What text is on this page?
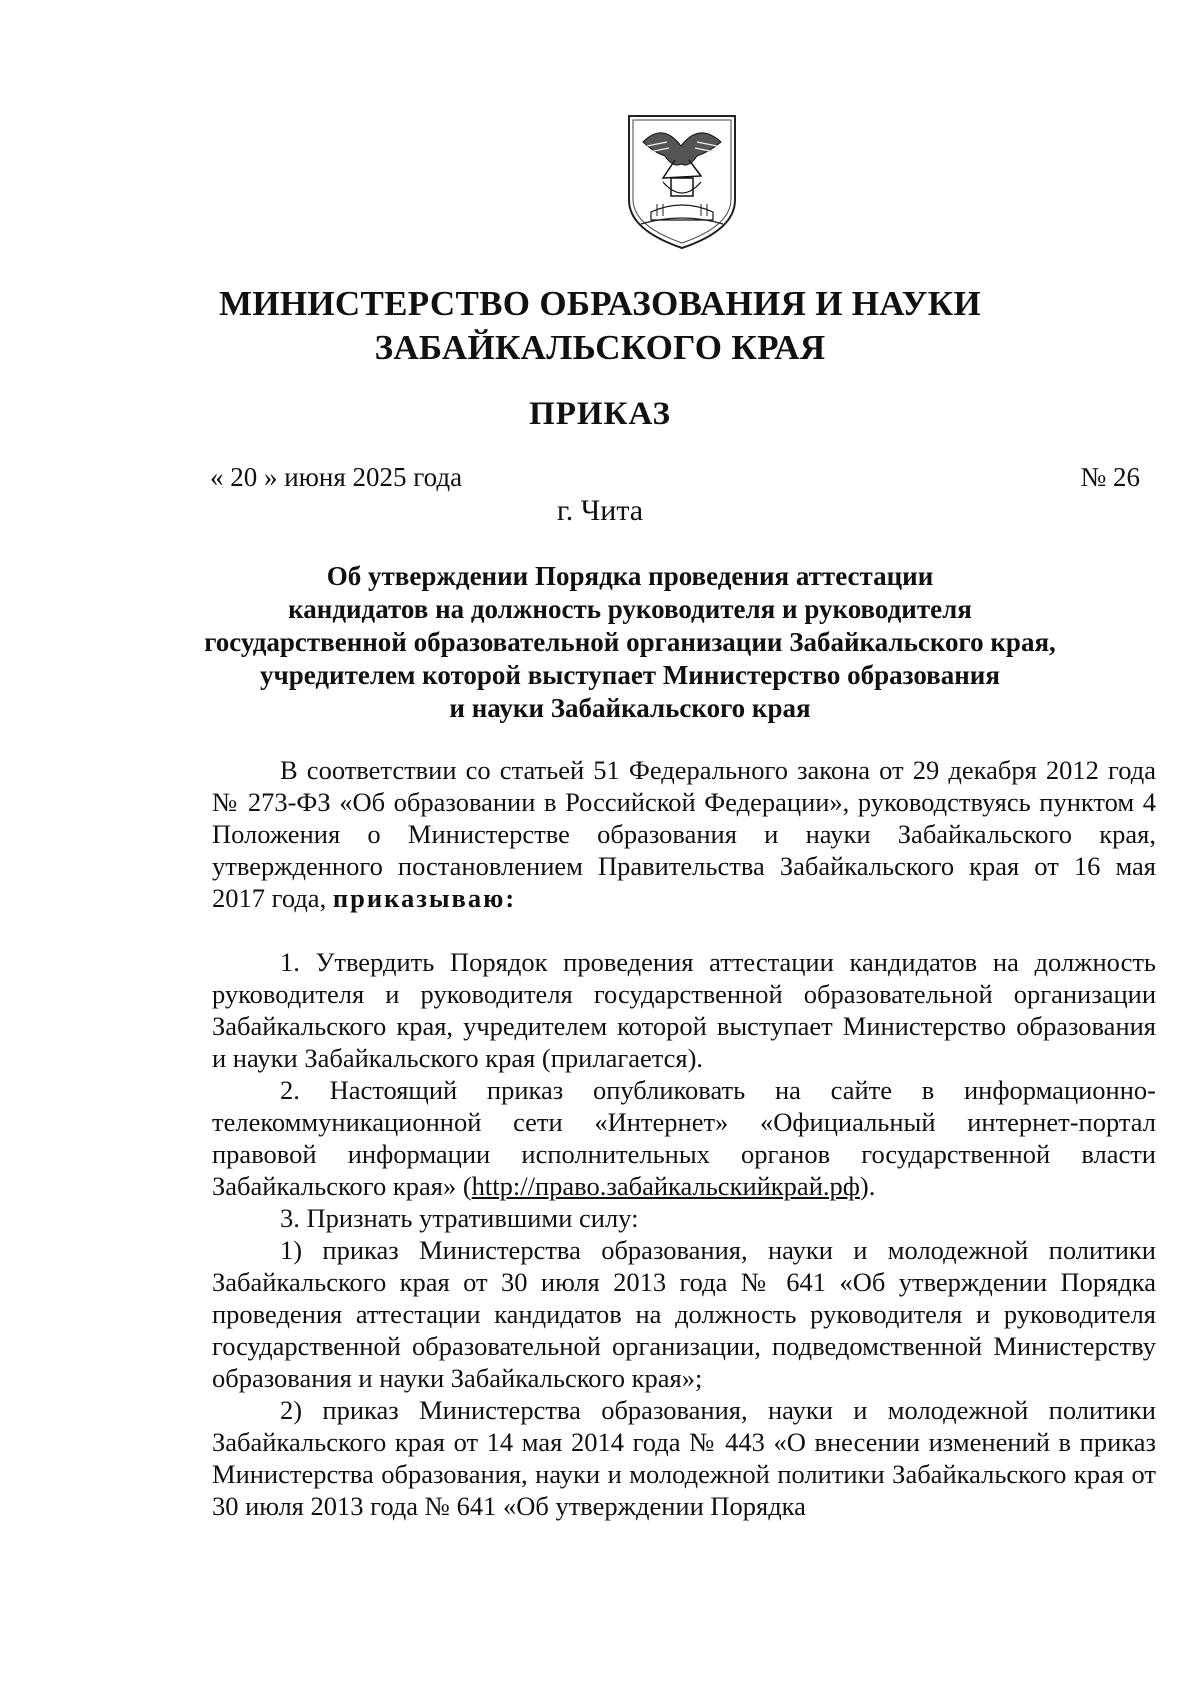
МИНИСТЕРСТВО ОБРАЗОВАНИЯ И НАУКИ
ЗАБАЙКАЛЬСКОГО КРАЯ
ПРИКАЗ
« 20 » июня 2025 года	№ 26
г. Чита
Об утверждении Порядка проведения аттестации
кандидатов на должность руководителя и руководителя
государственной образовательной организации Забайкальского края,
учредителем которой выступает Министерство образования
и науки Забайкальского края

В соответствии со статьей 51 Федерального закона от 29 декабря 2012 года № 273-ФЗ «Об образовании в Российской Федерации», руководствуясь пунктом 4 Положения о Министерстве образования и науки Забайкальского края, утвержденного постановлением Правительства Забайкальского края от 16 мая 2017 года, приказываю:

1. Утвердить Порядок проведения аттестации кандидатов на должность руководителя и руководителя государственной образовательной организации Забайкальского края, учредителем которой выступает Министерство образования и науки Забайкальского края (прилагается).

2. Настоящий приказ опубликовать на сайте в информационно-телекоммуникационной сети «Интернет» «Официальный интернет-портал правовой информации исполнительных органов государственной власти Забайкальского края» (http://право.забайкальскийкрай.рф).

3. Признать утратившими силу:

1) приказ Министерства образования, науки и молодежной политики Забайкальского края от 30 июля 2013 года № 641 «Об утверждении Порядка проведения аттестации кандидатов на должность руководителя и руководителя государственной образовательной организации, подведомственной Министерству образования и науки Забайкальского края»;

2) приказ Министерства образования, науки и молодежной политики Забайкальского края от 14 мая 2014 года № 443 «О внесении изменений в приказ Министерства образования, науки и молодежной политики Забайкальского края от 30 июля 2013 года № 641 «Об утверждении Порядка
